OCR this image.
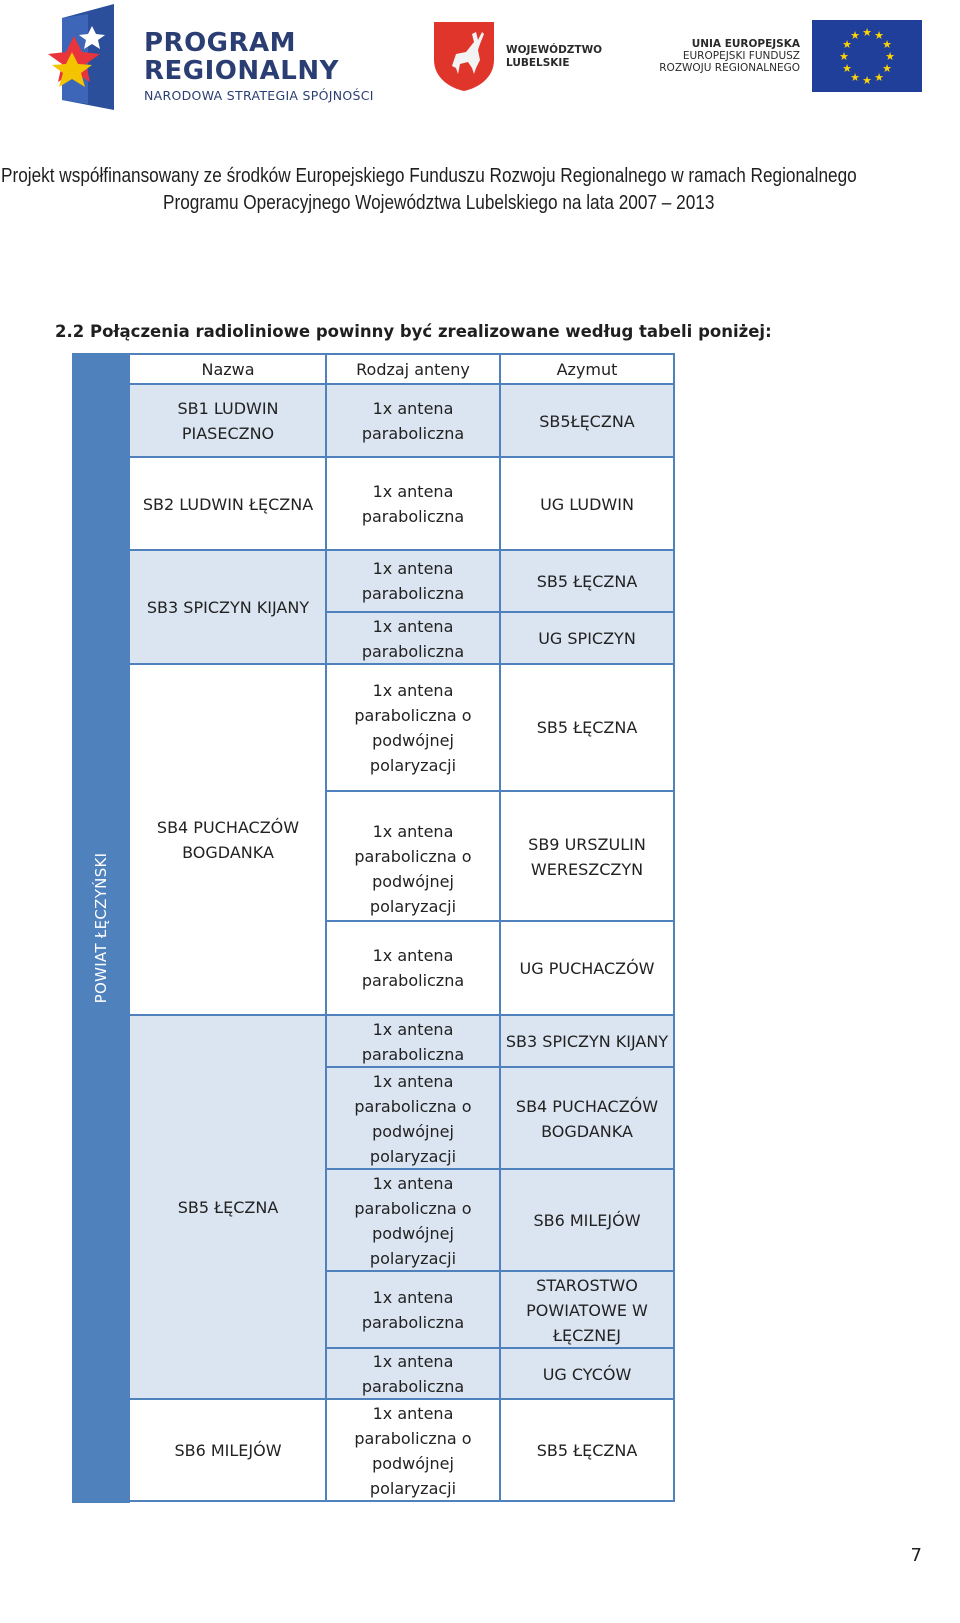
PROGRAM
REGIONALNY
NARODOWA STRATEGIA SPÓJNOŚCI
WOJEWÓDZTWO
LUBELSKIE
UNIA EUROPEJSKA
EUROPEJSKI FUNDUSZ
ROZWOJU REGIONALNEGO
★ ★
★
★
★
★
★
★
★
★
★
★
Projekt współfinansowany ze środków Europejskiego Funduszu Rozwoju Regionalnego w ramach Regionalnego
Programu Operacyjnego Województwa Lubelskiego na lata 2007 – 2013
2.2 Połączenia radioliniowe powinny być zrealizowane według tabeli poniżej:
POWIAT ŁĘCZYŃSKI
Nazwa	Rodzaj anteny	Azymut
SB1 LUDWIN PIASECZNO
SB2 LUDWIN ŁĘCZNA
SB3 SPICZYN KIJANY
SB4 PUCHACZÓW BOGDANKA
SB5 ŁĘCZNA
SB6 MILEJÓW
1x antena paraboliczna
1x antena paraboliczna
1x antena paraboliczna
1x antena paraboliczna
1x antena paraboliczna o podwójnej polaryzacji
1x antena paraboliczna o podwójnej polaryzacji
1x antena paraboliczna
1x antena paraboliczna
1x antena paraboliczna o podwójnej polaryzacji
1x antena paraboliczna o podwójnej polaryzacji
1x antena paraboliczna
1x antena paraboliczna
1x antena paraboliczna o podwójnej polaryzacji
SB5ŁĘCZNA
UG LUDWIN
SB5 ŁĘCZNA
UG SPICZYN
SB5 ŁĘCZNA
SB9 URSZULIN WERESZCZYN
UG PUCHACZÓW
SB3 SPICZYN KIJANY
SB4 PUCHACZÓW BOGDANKA
SB6 MILEJÓW
STAROSTWO POWIATOWE W ŁĘCZNEJ
UG CYCÓW
SB5 ŁĘCZNA
7
